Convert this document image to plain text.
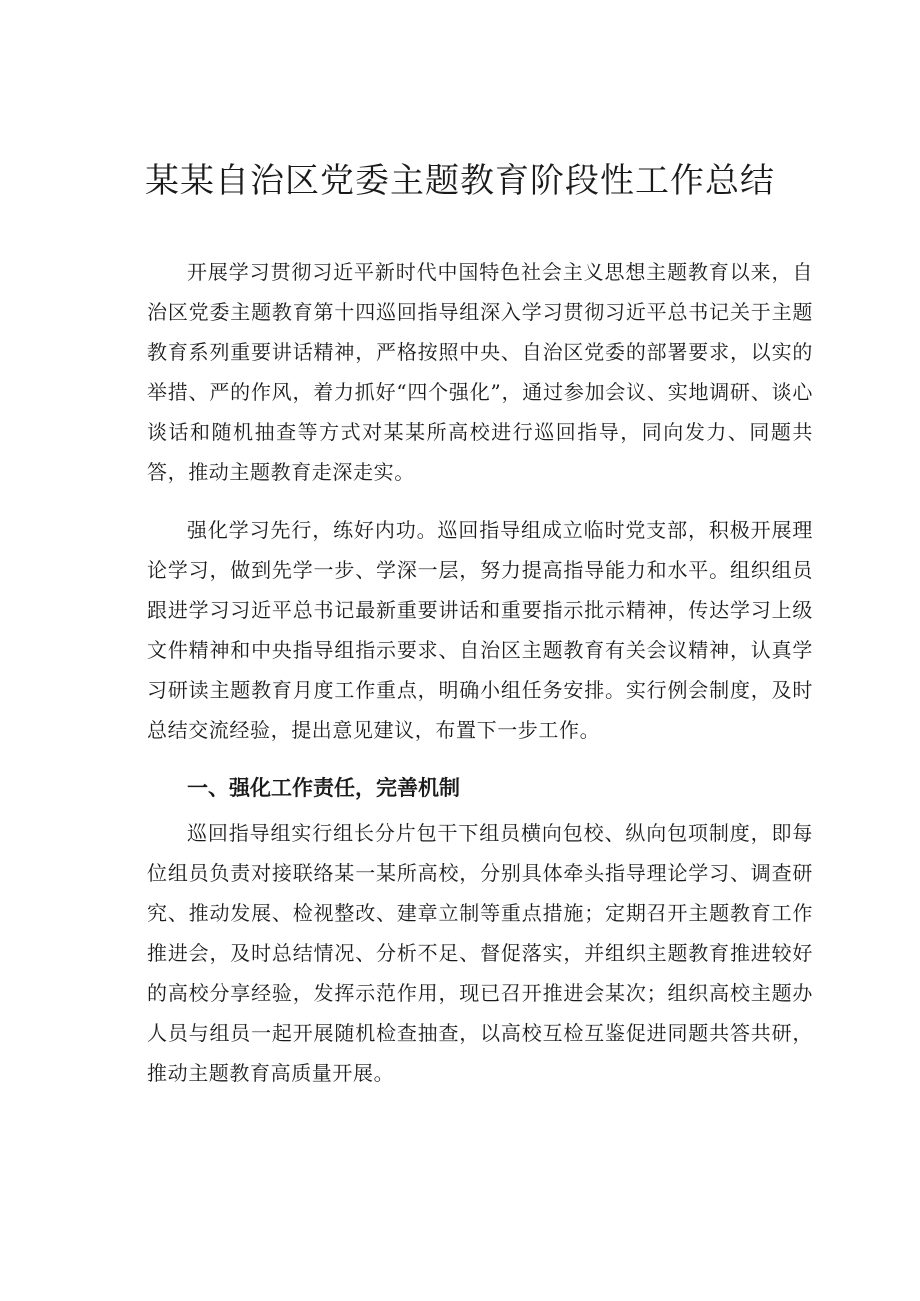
某某自治区党委主题教育阶段性工作总结

开展学习贯彻习近平新时代中国特色社会主义思想主题教育以来，自治区党委主题教育第十四巡回指导组深入学习贯彻习近平总书记关于主题教育系列重要讲话精神，严格按照中央、自治区党委的部署要求，以实的举措、严的作风，着力抓好“四个强化”，通过参加会议、实地调研、谈心谈话和随机抽查等方式对某某所高校进行巡回指导，同向发力、同题共答，推动主题教育走深走实。

强化学习先行，练好内功。巡回指导组成立临时党支部，积极开展理论学习，做到先学一步、学深一层，努力提高指导能力和水平。组织组员跟进学习习近平总书记最新重要讲话和重要指示批示精神，传达学习上级文件精神和中央指导组指示要求、自治区主题教育有关会议精神，认真学习研读主题教育月度工作重点，明确小组任务安排。实行例会制度，及时总结交流经验，提出意见建议，布置下一步工作。

一、强化工作责任，完善机制

巡回指导组实行组长分片包干下组员横向包校、纵向包项制度，即每位组员负责对接联络某一某所高校，分别具体牵头指导理论学习、调查研究、推动发展、检视整改、建章立制等重点措施；定期召开主题教育工作推进会，及时总结情况、分析不足、督促落实，并组织主题教育推进较好的高校分享经验，发挥示范作用，现已召开推进会某次；组织高校主题办人员与组员一起开展随机检查抽查，以高校互检互鉴促进同题共答共研，推动主题教育高质量开展。
